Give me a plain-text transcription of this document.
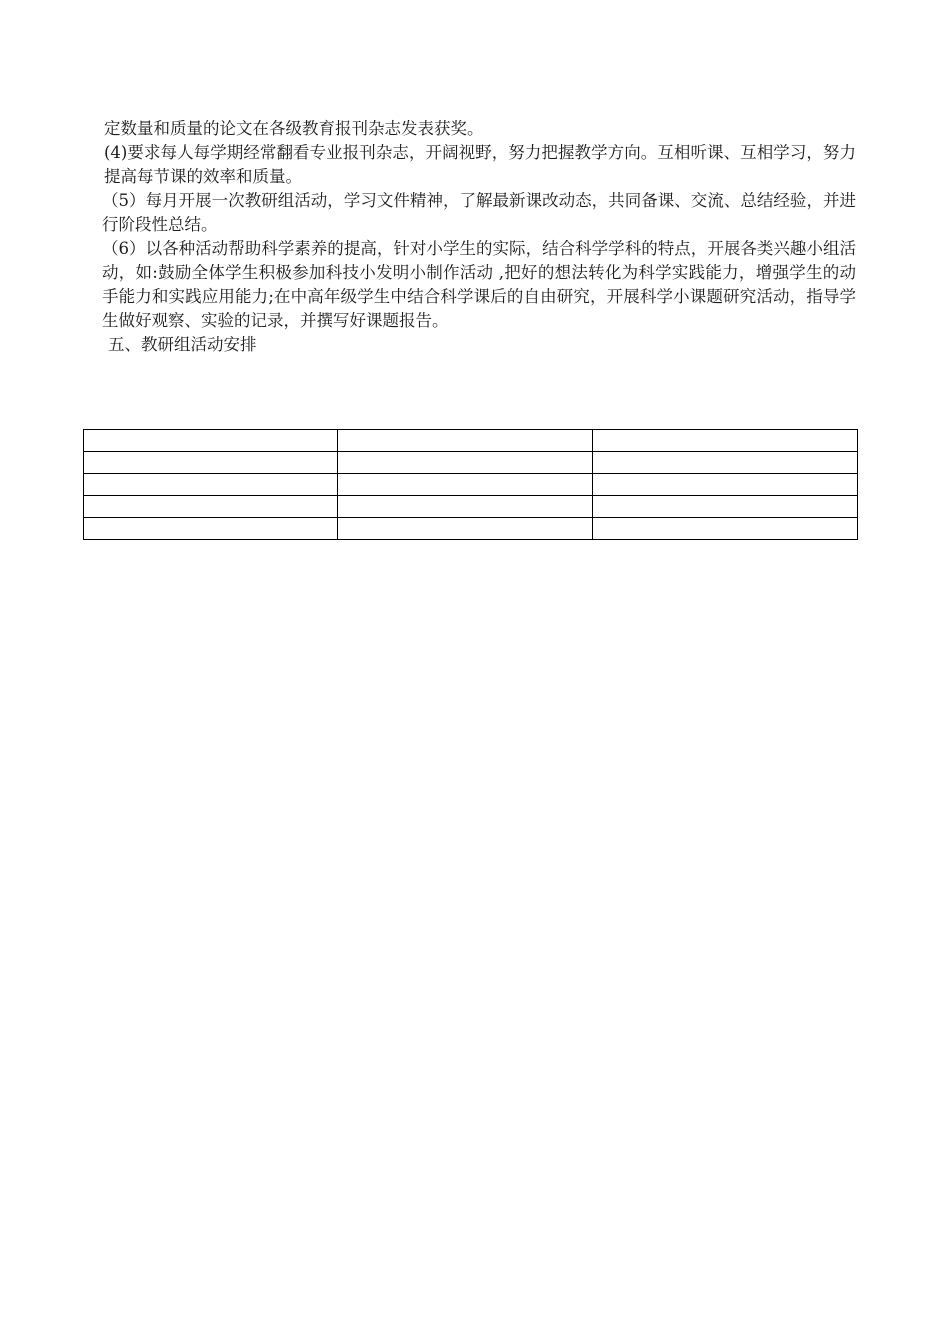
定数量和质量的论文在各级教育报刊杂志发表获奖。

(4)要求每人每学期经常翻看专业报刊杂志，开阔视野，努力把握教学方向。互相听课、互相学习，努力提高每节课的效率和质量。

（5）每月开展一次教研组活动，学习文件精神，了解最新课改动态，共同备课、交流、总结经验，并进行阶段性总结。

（6）以各种活动帮助科学素养的提高，针对小学生的实际，结合科学学科的特点，开展各类兴趣小组活动，如:鼓励全体学生积极参加科技小发明小制作活动 ,把好的想法转化为科学实践能力，增强学生的动手能力和实践应用能力;在中高年级学生中结合科学课后的自由研究，开展科学小课题研究活动，指导学生做好观察、实验的记录，并撰写好课题报告。

五、教研组活动安排
